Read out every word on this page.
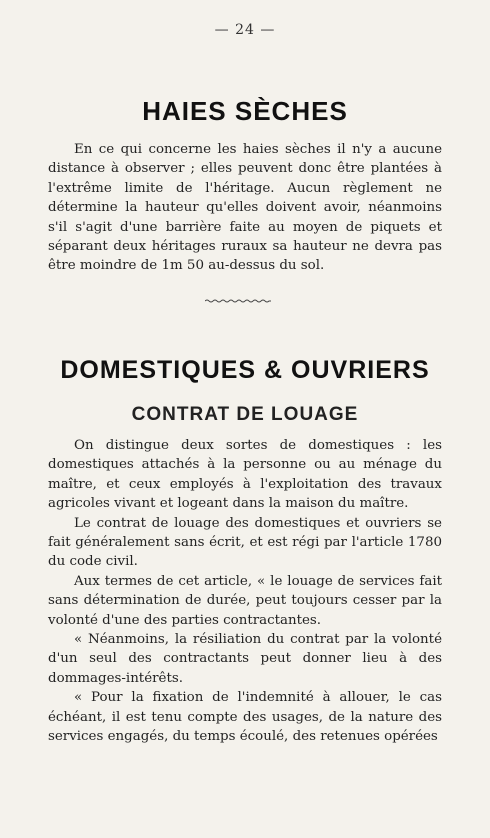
— 24 —
HAIES SÈCHES

En ce qui concerne les haies sèches il n'y a aucune distance à observer ; elles peuvent donc être plantées à l'extrême limite de l'héritage. Aucun règlement ne détermine la hauteur qu'elles doivent avoir, néanmoins s'il s'agit d'une barrière faite au moyen de piquets et séparant deux héritages ruraux sa hauteur ne devra pas être moindre de 1m 50 au-dessus du sol.

DOMESTIQUES & OUVRIERS
CONTRAT DE LOUAGE

On distingue deux sortes de domestiques : les domestiques attachés à la personne ou au ménage du maître, et ceux employés à l'exploitation des travaux agricoles vivant et logeant dans la maison du maître.

Le contrat de louage des domestiques et ouvriers se fait généralement sans écrit, et est régi par l'article 1780 du code civil.

Aux termes de cet article, « le louage de services fait sans détermination de durée, peut toujours cesser par la volonté d'une des parties contractantes.

« Néanmoins, la résiliation du contrat par la volonté d'un seul des contractants peut donner lieu à des dommages-intérêts.

« Pour la fixation de l'indemnité à allouer, le cas échéant, il est tenu compte des usages, de la nature des services engagés, du temps écoulé, des retenues opérées
